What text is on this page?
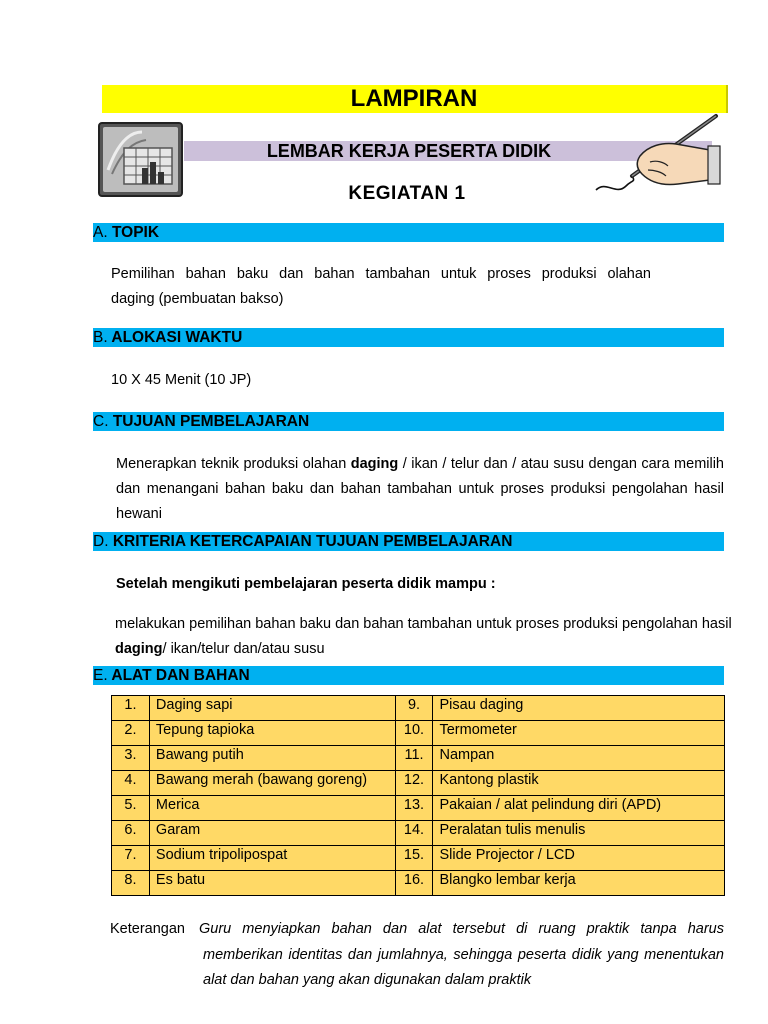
LAMPIRAN
LEMBAR KERJA PESERTA DIDIK
KEGIATAN 1
A. TOPIK
Pemilihan bahan baku dan bahan tambahan untuk proses produksi olahan
daging (pembuatan bakso)
B. ALOKASI WAKTU
10 X 45 Menit (10 JP)
C. TUJUAN PEMBELAJARAN
Menerapkan teknik produksi olahan daging / ikan / telur dan / atau susu dengan cara memilih dan menangani bahan baku dan bahan tambahan untuk proses produksi pengolahan hasil hewani
D. KRITERIA KETERCAPAIAN TUJUAN PEMBELAJARAN
Setelah mengikuti pembelajaran peserta didik mampu :
melakukan pemilihan bahan baku dan bahan tambahan untuk proses produksi pengolahan hasil daging/ ikan/telur dan/atau susu
E. ALAT DAN BAHAN
1.	Daging sapi	9.	Pisau daging
2.	Tepung tapioka	10.	Termometer
3.	Bawang putih	11.	Nampan
4.	Bawang merah (bawang goreng)	12.	Kantong plastik
5.	Merica	13.	Pakaian / alat pelindung diri (APD)
6.	Garam	14.	Peralatan tulis menulis
7.	Sodium tripolipospat	15.	Slide Projector / LCD
8.	Es batu	16.	Blangko lembar kerja
Keterangan Guru menyiapkan bahan dan alat tersebut di ruang praktik tanpa harus memberikan identitas dan jumlahnya, sehingga peserta didik yang menentukan alat dan bahan yang akan digunakan dalam praktik
